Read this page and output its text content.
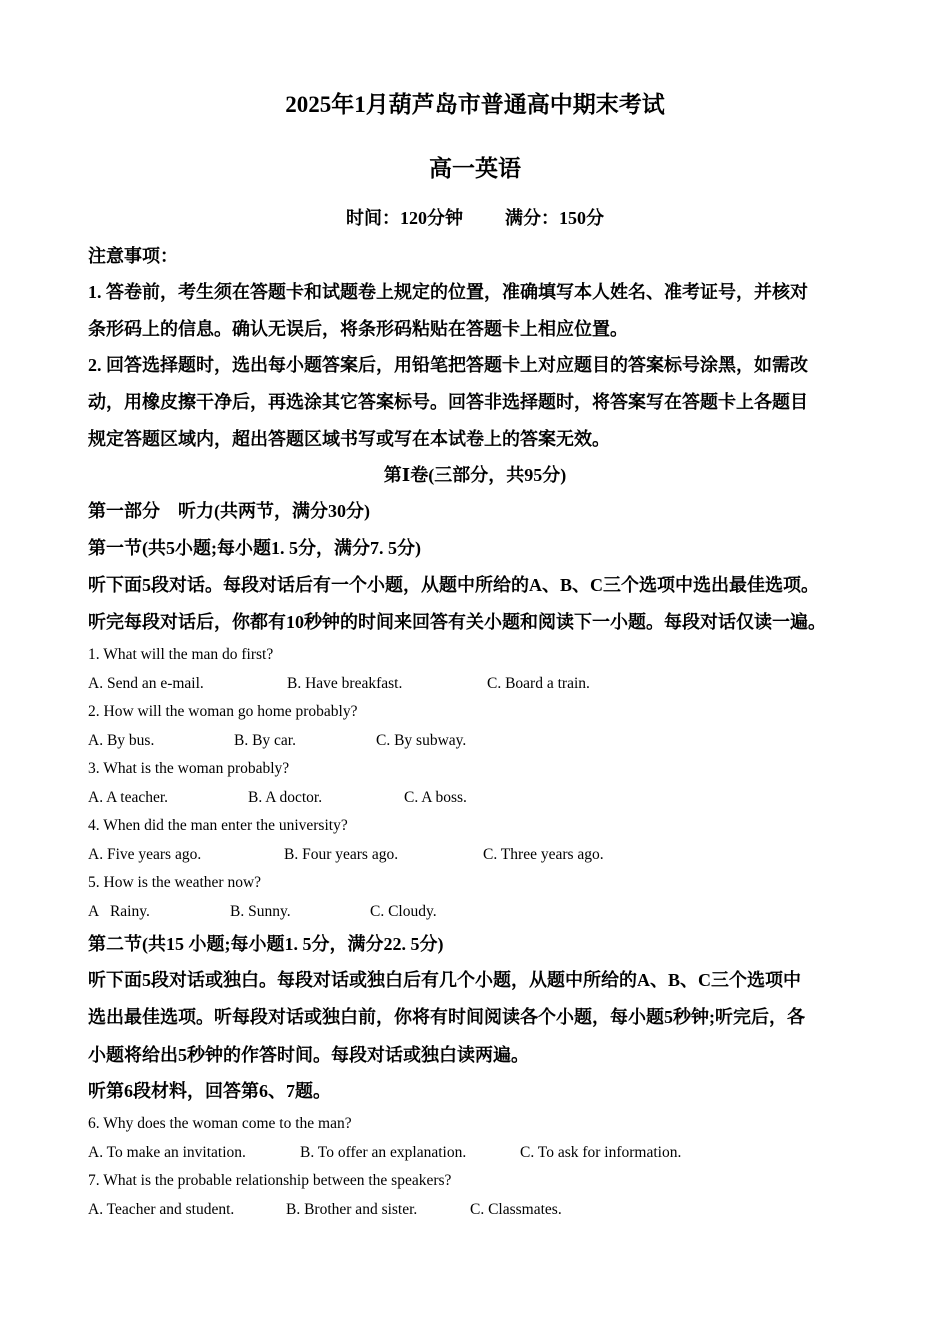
2025年1月葫芦岛市普通高中期末考试
高一英语
时间：120分钟 满分：150分
注意事项：
1. 答卷前，考生须在答题卡和试题卷上规定的位置，准确填写本人姓名、准考证号，并核对
条形码上的信息。确认无误后，将条形码粘贴在答题卡上相应位置。
2. 回答选择题时，选出每小题答案后，用铅笔把答题卡上对应题目的答案标号涂黑，如需改
动，用橡皮擦干净后，再选涂其它答案标号。回答非选择题时，将答案写在答题卡上各题目
规定答题区域内，超出答题区域书写或写在本试卷上的答案无效。
第Ⅰ卷(三部分，共95分)
第一部分　听力(共两节，满分30分)
第一节(共5小题;每小题1. 5分，满分7. 5分)
听下面5段对话。每段对话后有一个小题，从题中所给的A、B、C三个选项中选出最佳选项。
听完每段对话后，你都有10秒钟的时间来回答有关小题和阅读下一小题。每段对话仅读一遍。
1. What will the man do first?
A. Send an e-mail.	B. Have breakfast.	C. Board a train.
2. How will the woman go home probably?
A. By bus.	B. By car.	C. By subway.
3. What is the woman probably?
A. A teacher.	B. A doctor.	C. A boss.
4. When did the man enter the university?
A. Five years ago.	B. Four years ago.	C. Three years ago.
5. How is the weather now?
A   Rainy.	B. Sunny.	C. Cloudy.
第二节(共15 小题;每小题1. 5分，满分22. 5分)
听下面5段对话或独白。每段对话或独白后有几个小题，从题中所给的A、B、C三个选项中
选出最佳选项。听每段对话或独白前，你将有时间阅读各个小题，每小题5秒钟;听完后，各
小题将给出5秒钟的作答时间。每段对话或独白读两遍。
听第6段材料，回答第6、7题。
6. Why does the woman come to the man?
A. To make an invitation.	B. To offer an explanation.	C. To ask for information.
7. What is the probable relationship between the speakers?
A. Teacher and student.	B. Brother and sister.	C. Classmates.
